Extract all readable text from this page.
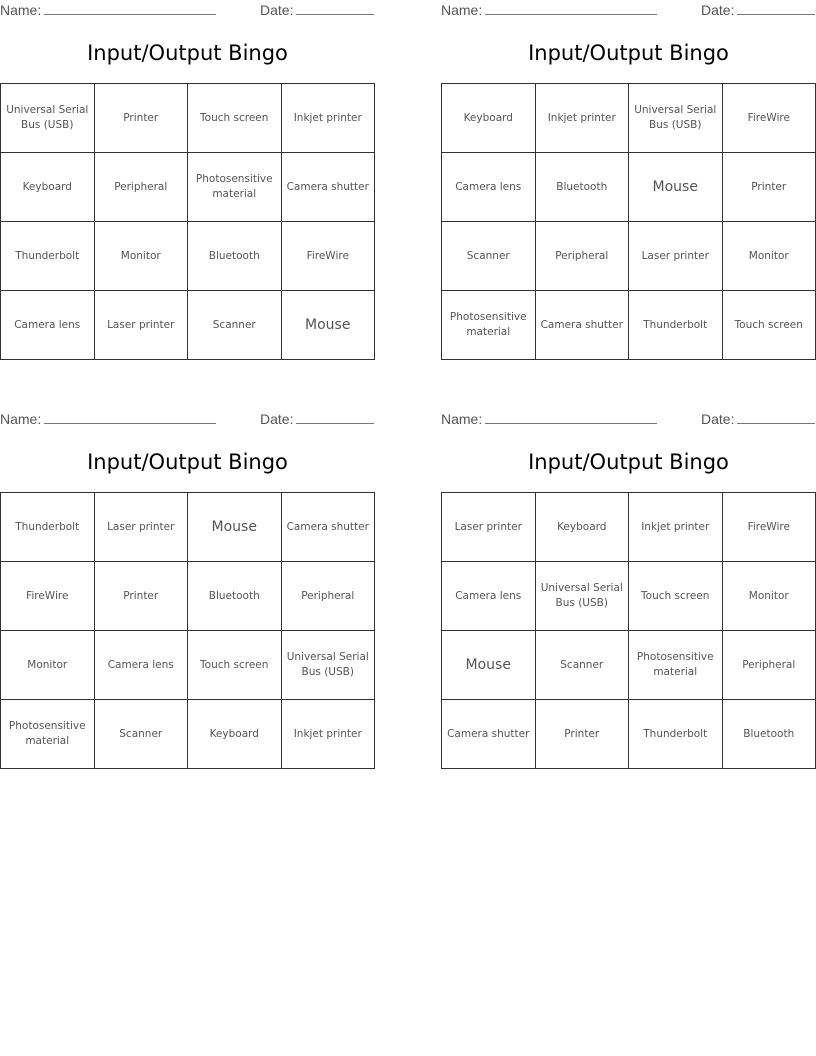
Name:	Date:
Input/Output Bingo
Universal Serial Bus (USB)	Printer	Touch screen	Inkjet printer
Keyboard	Peripheral	Photosensitive material	Camera shutter
Thunderbolt	Monitor	Bluetooth	FireWire
Camera lens	Laser printer	Scanner	Mouse
Name:	Date:
Input/Output Bingo
Keyboard	Inkjet printer	Universal Serial Bus (USB)	FireWire
Camera lens	Bluetooth	Mouse	Printer
Scanner	Peripheral	Laser printer	Monitor
Photosensitive material	Camera shutter	Thunderbolt	Touch screen
Name:	Date:
Input/Output Bingo
Thunderbolt	Laser printer	Mouse	Camera shutter
FireWire	Printer	Bluetooth	Peripheral
Monitor	Camera lens	Touch screen	Universal Serial Bus (USB)
Photosensitive material	Scanner	Keyboard	Inkjet printer
Name:	Date:
Input/Output Bingo
Laser printer	Keyboard	Inkjet printer	FireWire
Camera lens	Universal Serial Bus (USB)	Touch screen	Monitor
Mouse	Scanner	Photosensitive material	Peripheral
Camera shutter	Printer	Thunderbolt	Bluetooth
